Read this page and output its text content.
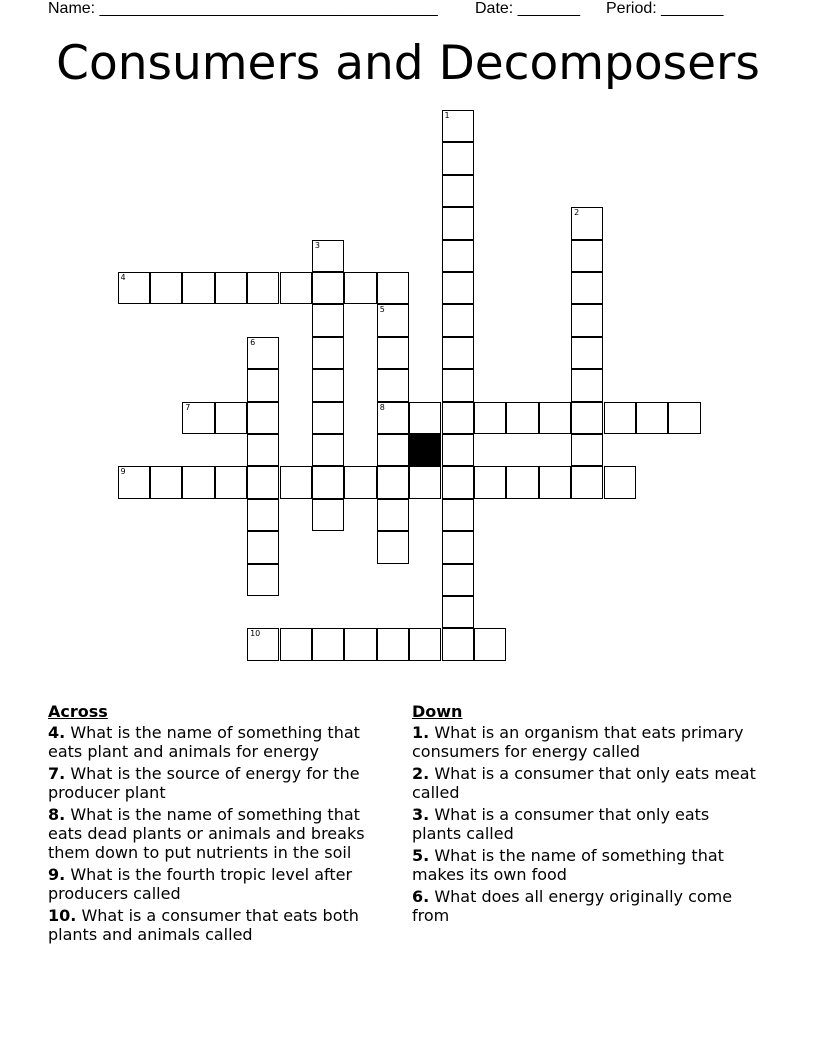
Name: ______________________________________ Date: _______ Period: _______
Consumers and Decomposers
1
2
3
5
8
6
4
7
9
10
Across
4. What is the name of something that eats plant and animals for energy
7. What is the source of energy for the producer plant
8. What is the name of something that eats dead plants or animals and breaks them down to put nutrients in the soil
9. What is the fourth tropic level after producers called
10. What is a consumer that eats both plants and animals called
Down
1. What is an organism that eats primary consumers for energy called
2. What is a consumer that only eats meat called
3. What is a consumer that only eats plants called
5. What is the name of something that makes its own food
6. What does all energy originally come from
